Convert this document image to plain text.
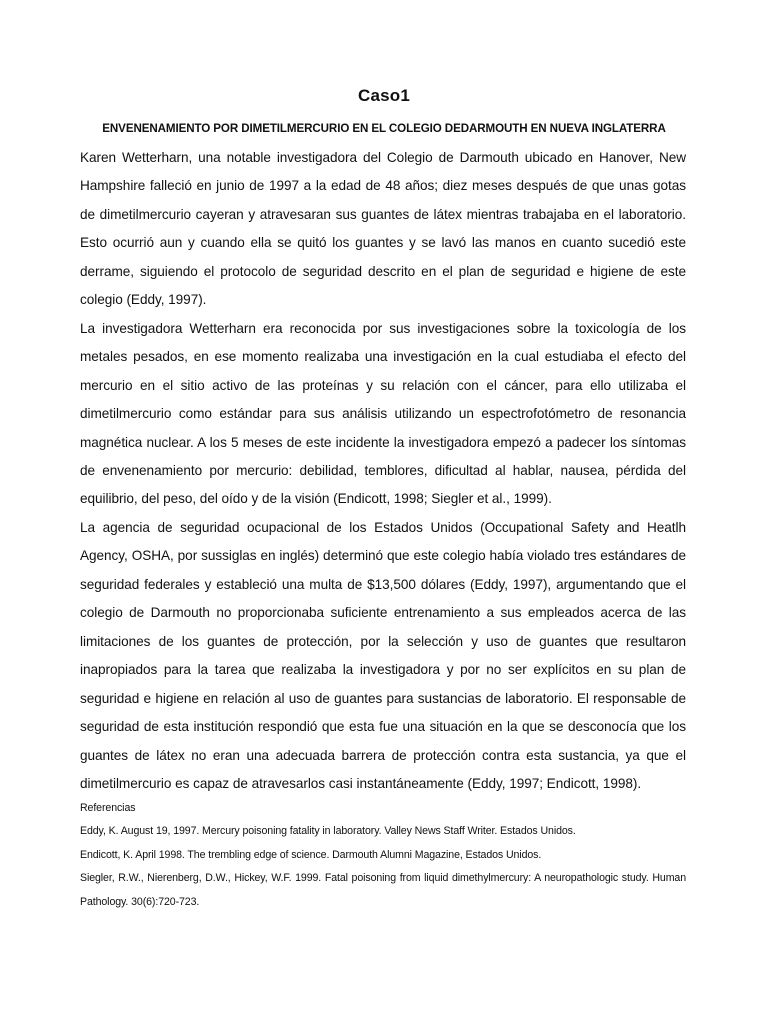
Caso1
ENVENENAMIENTO POR DIMETILMERCURIO EN EL COLEGIO DEDARMOUTH EN NUEVA INGLATERRA

Karen Wetterharn, una notable investigadora del Colegio de Darmouth ubicado en Hanover, New Hampshire falleció en junio de 1997 a la edad de 48 años; diez meses después de que unas gotas de dimetilmercurio cayeran y atravesaran sus guantes de látex mientras trabajaba en el laboratorio. Esto ocurrió aun y cuando ella se quitó los guantes y se lavó las manos en cuanto sucedió este derrame, siguiendo el protocolo de seguridad descrito en el plan de seguridad e higiene de este colegio (Eddy, 1997).

La investigadora Wetterharn era reconocida por sus investigaciones sobre la toxicología de los metales pesados, en ese momento realizaba una investigación en la cual estudiaba el efecto del mercurio en el sitio activo de las proteínas y su relación con el cáncer, para ello utilizaba el dimetilmercurio como estándar para sus análisis utilizando un espectrofotómetro de resonancia magnética nuclear. A los 5 meses de este incidente la investigadora empezó a padecer los síntomas de envenenamiento por mercurio: debilidad, temblores, dificultad al hablar, nausea, pérdida del equilibrio, del peso, del oído y de la visión (Endicott, 1998; Siegler et al., 1999).

La agencia de seguridad ocupacional de los Estados Unidos (Occupational Safety and Heatlh Agency, OSHA, por sussiglas en inglés) determinó que este colegio había violado tres estándares de seguridad federales y estableció una multa de $13,500 dólares (Eddy, 1997), argumentando que el colegio de Darmouth no proporcionaba suficiente entrenamiento a sus empleados acerca de las limitaciones de los guantes de protección, por la selección y uso de guantes que resultaron inapropiados para la tarea que realizaba la investigadora y por no ser explícitos en su plan de seguridad e higiene en relación al uso de guantes para sustancias de laboratorio. El responsable de seguridad de esta institución respondió que esta fue una situación en la que se desconocía que los guantes de látex no eran una adecuada barrera de protección contra esta sustancia, ya que el dimetilmercurio es capaz de atravesarlos casi instantáneamente (Eddy, 1997; Endicott, 1998).

Referencias

Eddy, K. August 19, 1997. Mercury poisoning fatality in laboratory. Valley News Staff Writer. Estados Unidos.

Endicott, K. April 1998. The trembling edge of science. Darmouth Alumni Magazine, Estados Unidos.

Siegler, R.W., Nierenberg, D.W., Hickey, W.F. 1999. Fatal poisoning from liquid dimethylmercury: A neuropathologic study. Human Pathology. 30(6):720-723.
